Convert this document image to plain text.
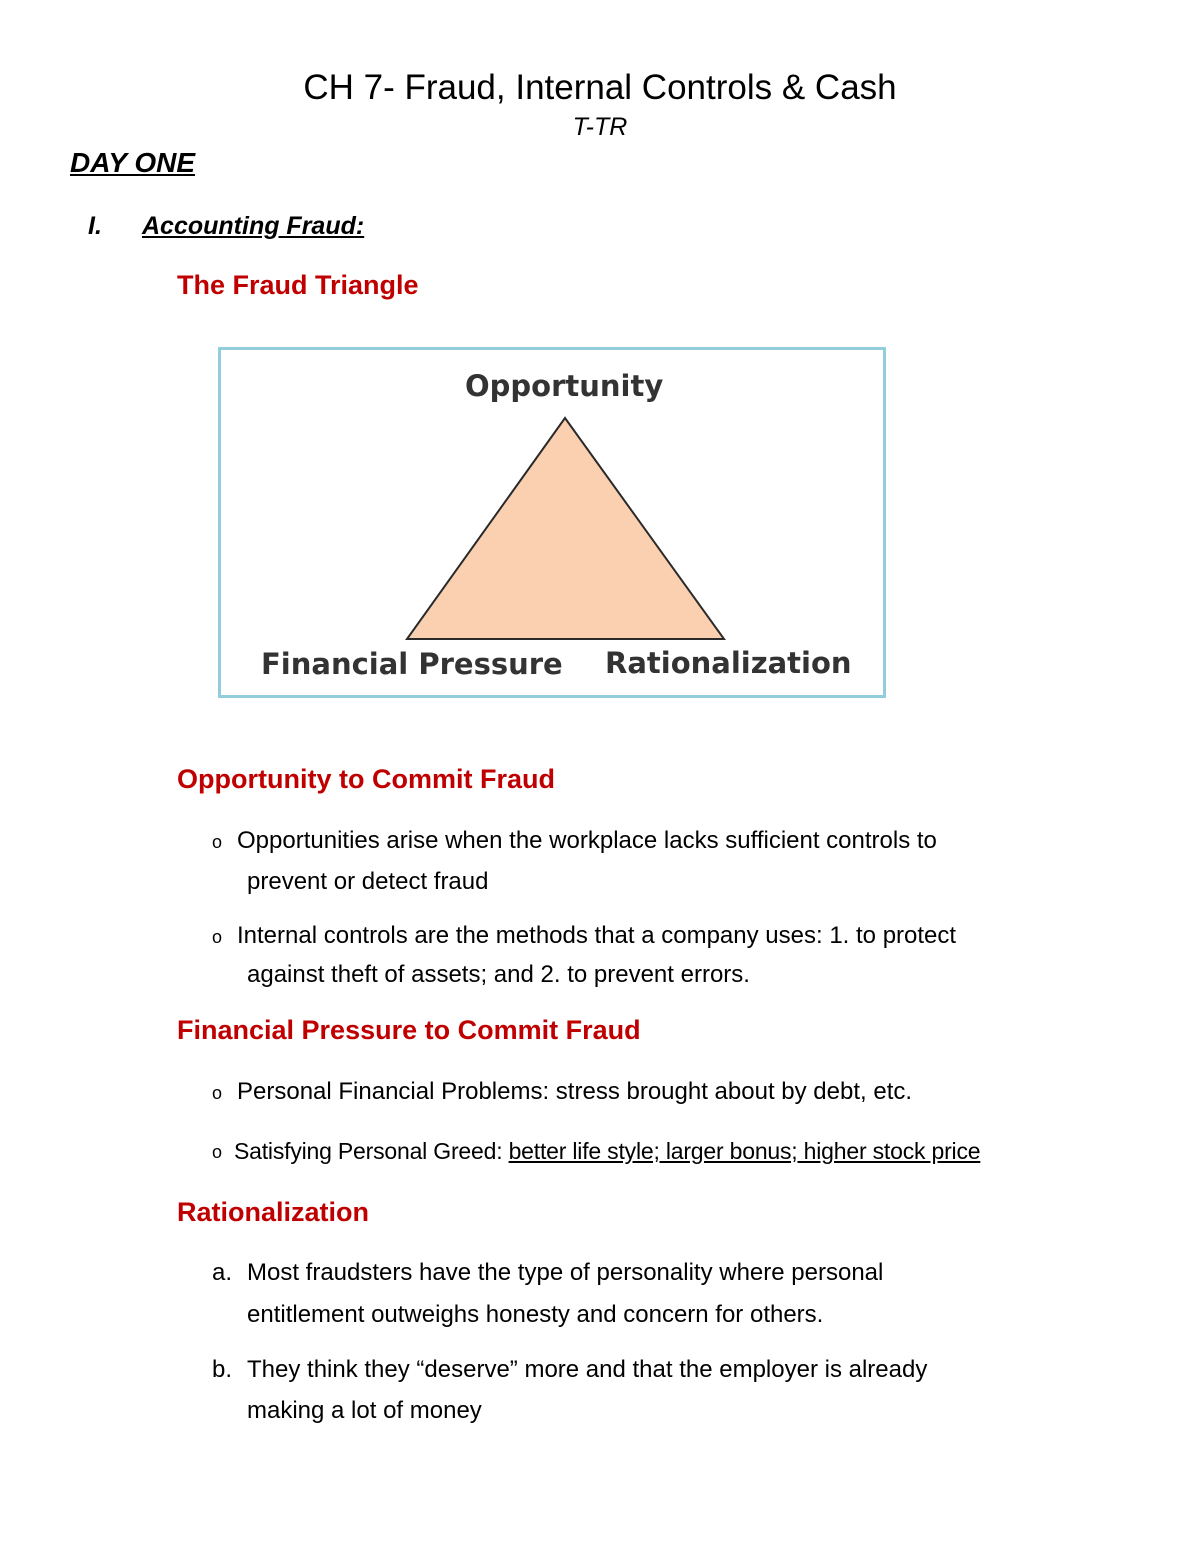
CH 7- Fraud, Internal Controls & Cash
T-TR
DAY ONE
I. Accounting Fraud:
The Fraud Triangle
Opportunity
Financial Pressure Rationalization
Opportunity to Commit Fraud
o Opportunities arise when the workplace lacks sufficient controls to
prevent or detect fraud
o Internal controls are the methods that a company uses: 1. to protect
against theft of assets; and 2. to prevent errors.
Financial Pressure to Commit Fraud
o Personal Financial Problems: stress brought about by debt, etc.
o Satisfying Personal Greed: better life style; larger bonus; higher stock price
Rationalization
a. Most fraudsters have the type of personality where personal
entitlement outweighs honesty and concern for others.
b. They think they “deserve” more and that the employer is already
making a lot of money
